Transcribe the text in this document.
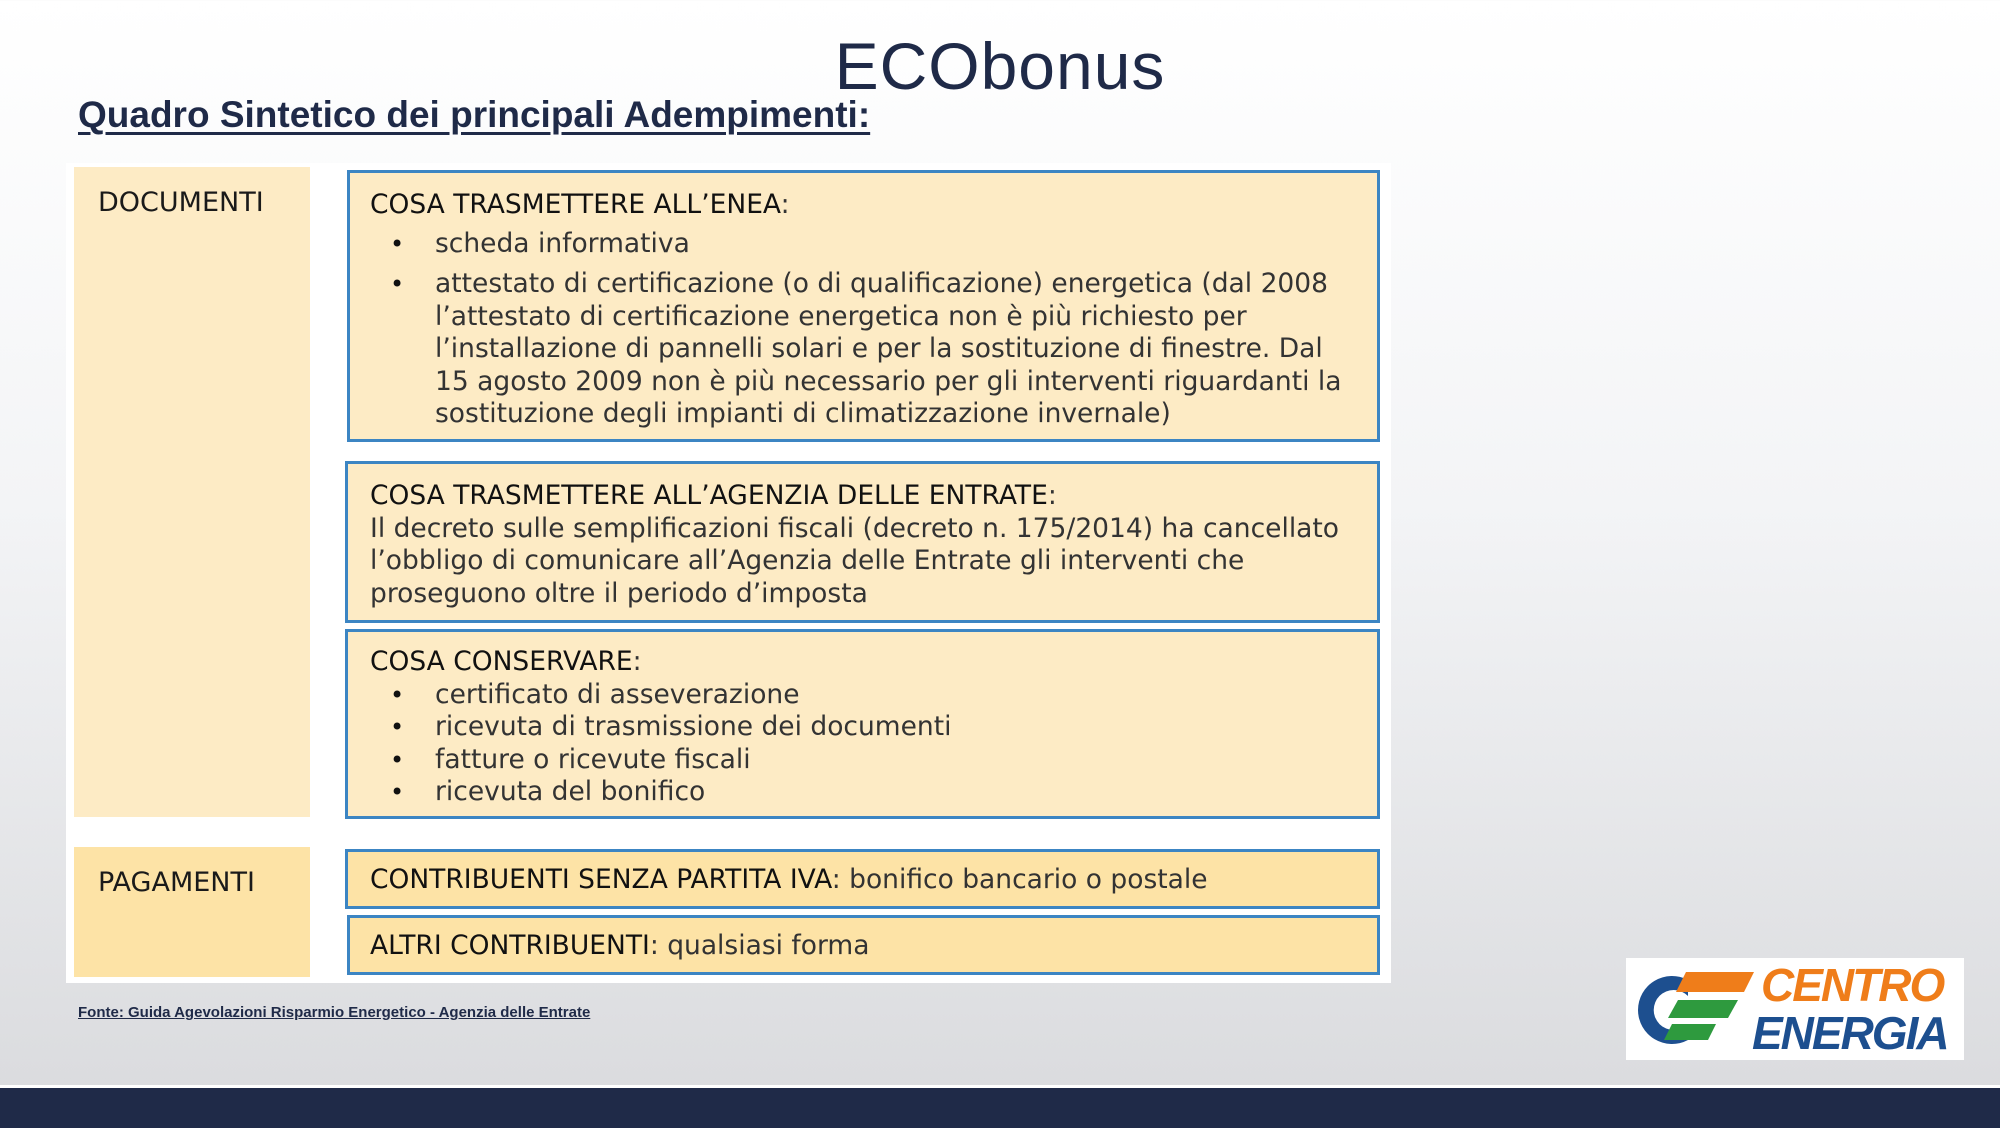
ECObonus
Quadro Sintetico dei principali Adempimenti:
DOCUMENTI	COSA TRASMETTERE ALL’ENEA:
• scheda informativa
• attestato di certificazione (o di qualificazione) energetica (dal 2008 l’attestato di certificazione energetica non è più richiesto per l’installazione di pannelli solari e per la sostituzione di finestre. Dal 15 agosto 2009 non è più necessario per gli interventi riguardanti la sostituzione degli impianti di climatizzazione invernale)
COSA TRASMETTERE ALL’AGENZIA DELLE ENTRATE:
Il decreto sulle semplificazioni fiscali (decreto n. 175/2014) ha cancellato l’obbligo di comunicare all’Agenzia delle Entrate gli interventi che proseguono oltre il periodo d’imposta
COSA CONSERVARE:
• certificato di asseverazione
• ricevuta di trasmissione dei documenti
• fatture o ricevute fiscali
• ricevuta del bonifico
PAGAMENTI	CONTRIBUENTI SENZA PARTITA IVA: bonifico bancario o postale
ALTRI CONTRIBUENTI: qualsiasi forma
Fonte: Guida Agevolazioni Risparmio Energetico - Agenzia delle Entrate
CENTRO
ENERGIA
